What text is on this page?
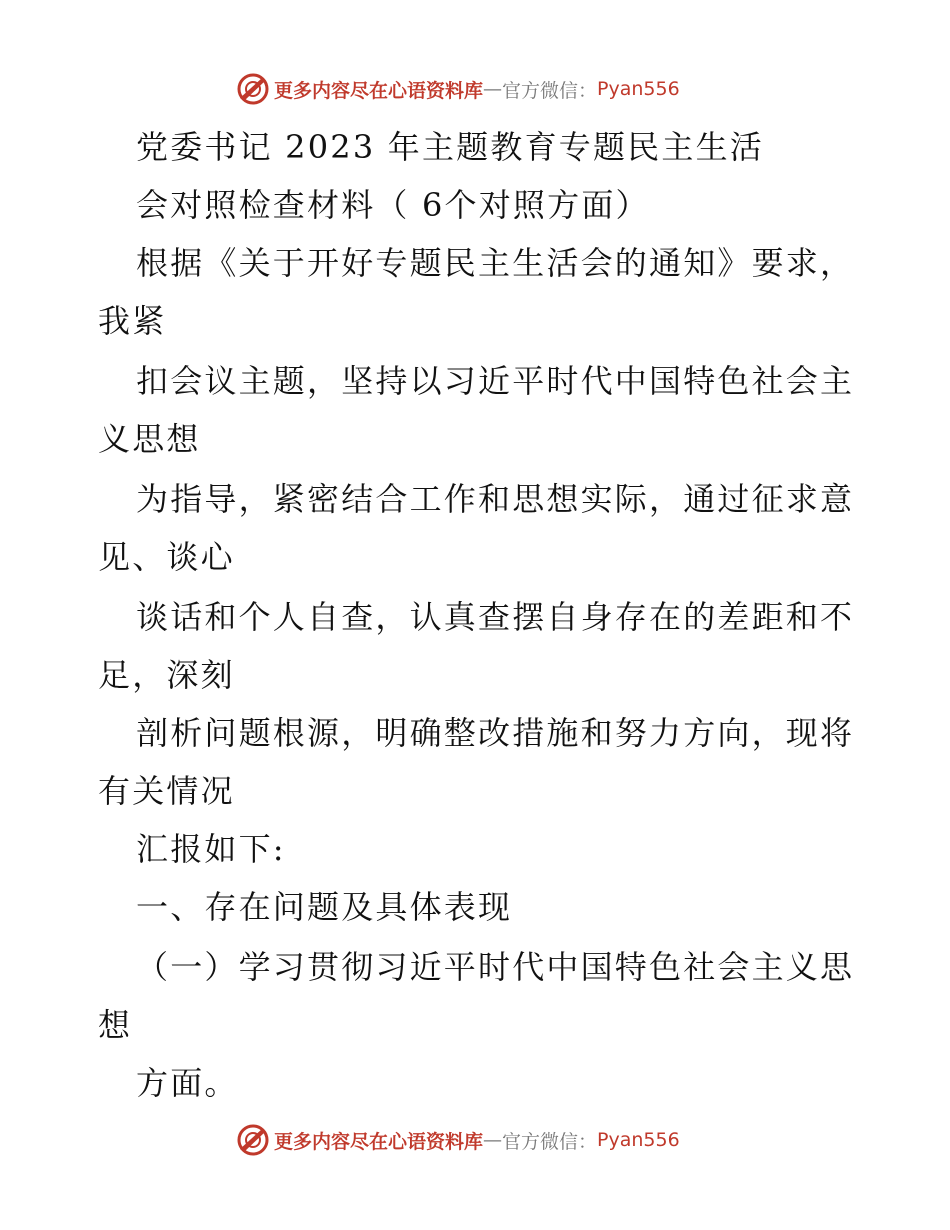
更多内容尽在心语资料库 — 官方微信： Pyan556
党委书记 2023 年主题教育专题民主生活
会对照检查材料（ 6个对照方面）
根据《关于开好专题民主生活会的通知》要求，
我紧
扣会议主题，坚持以习近平时代中国特色社会主
义思想
为指导，紧密结合工作和思想实际，通过征求意
见、谈心
谈话和个人自查，认真查摆自身存在的差距和不
足，深刻
剖析问题根源，明确整改措施和努力方向，现将
有关情况
汇报如下:
一、存在问题及具体表现
（一）学习贯彻习近平时代中国特色社会主义思
想
方面。
更多内容尽在心语资料库 — 官方微信： Pyan556
